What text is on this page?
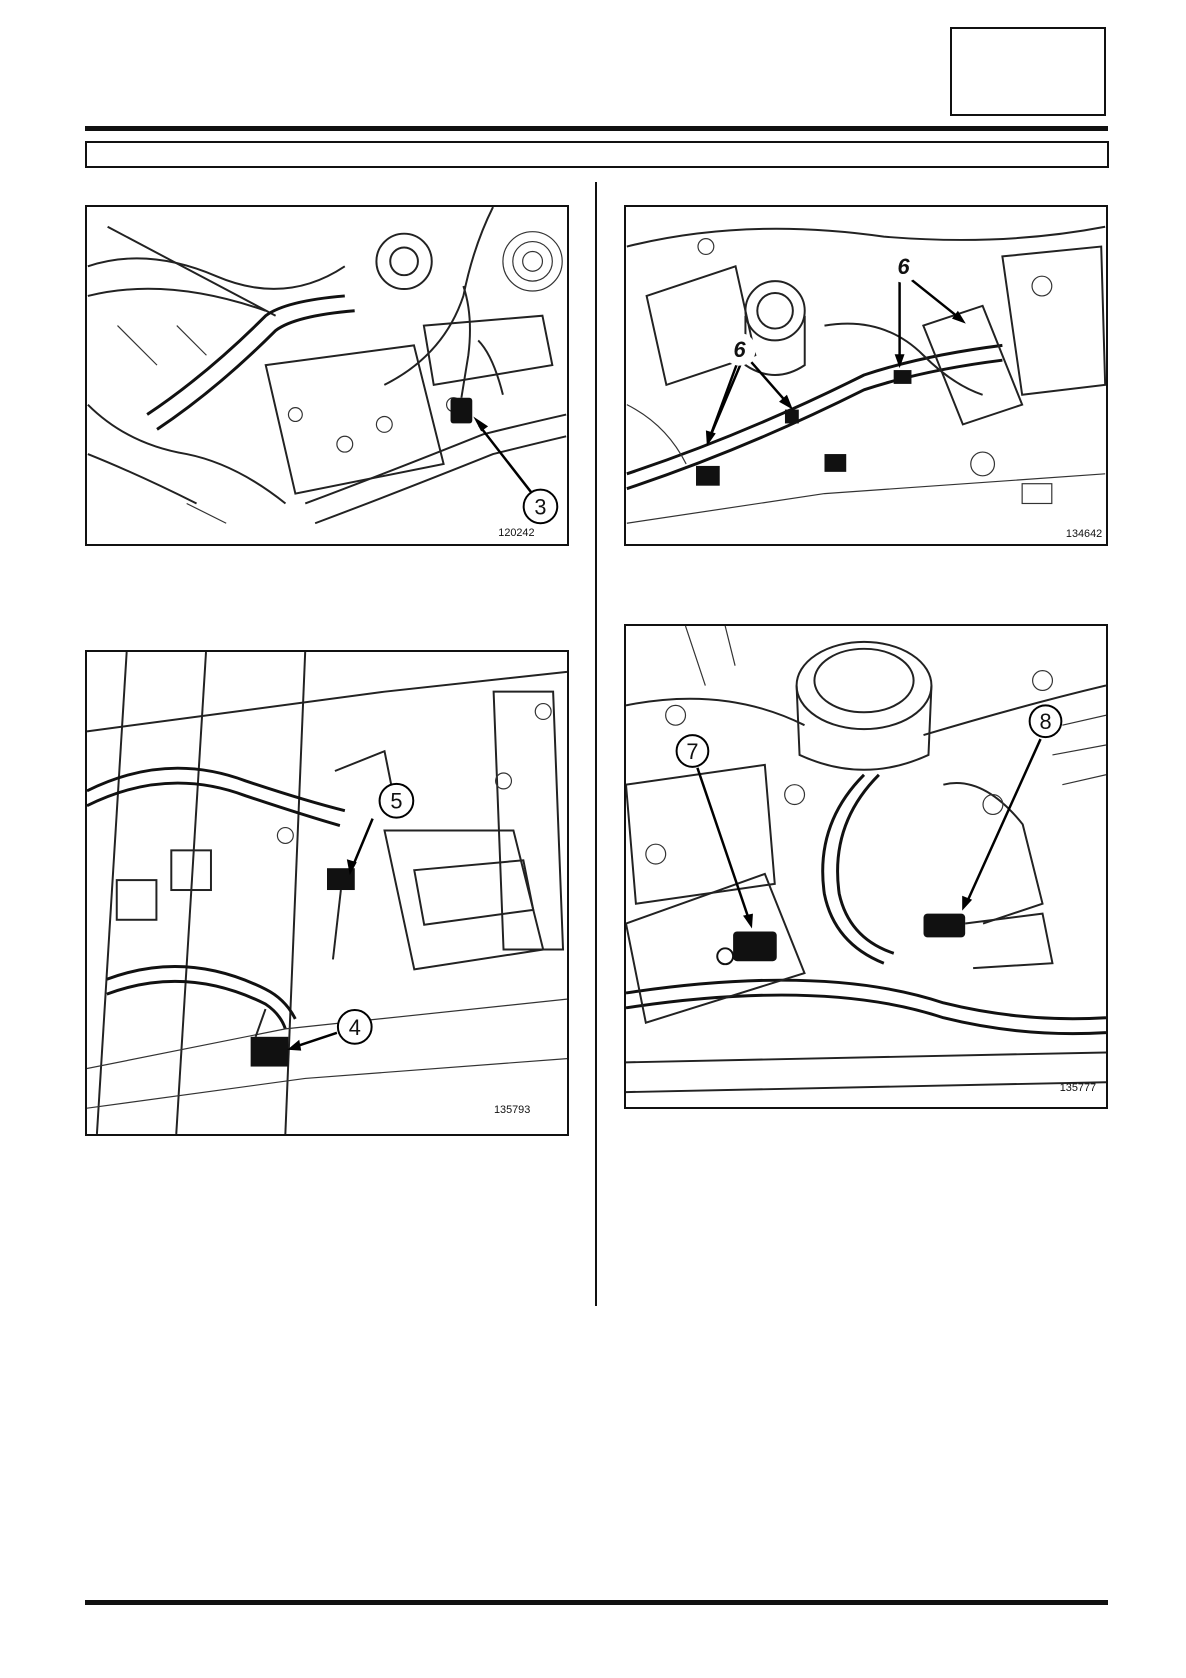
3
120242
5
4
135793
6
6
134642
7
8
135777
